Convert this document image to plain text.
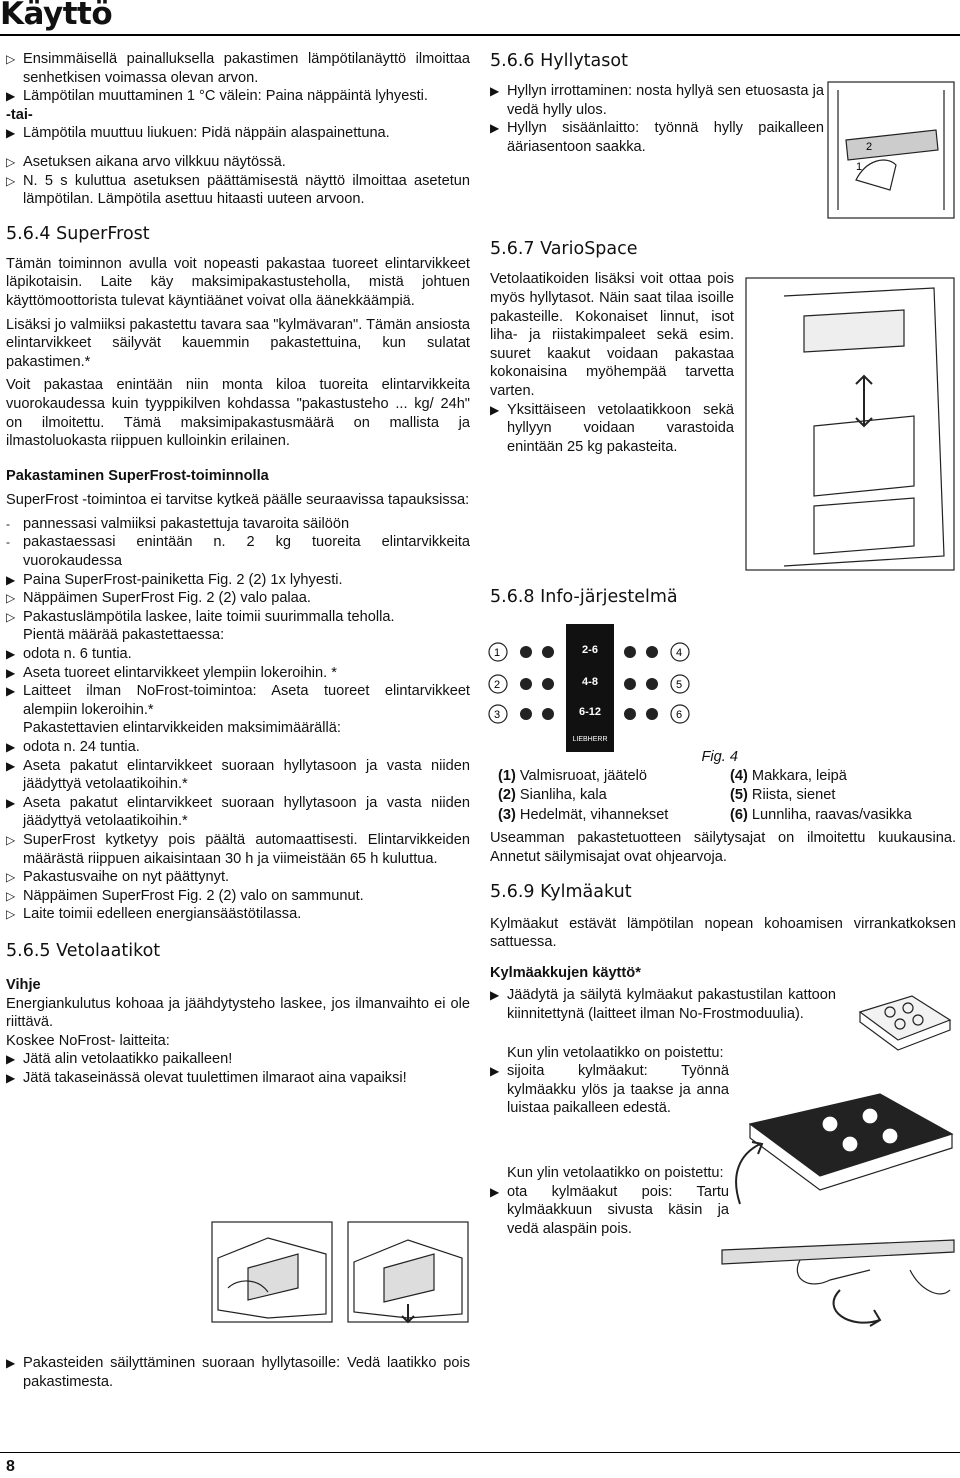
Käyttö
▷ Ensimmäisellä painalluksella pakastimen lämpötilanäyttö ilmoittaa senhetkisen voimassa olevan arvon.
▶ Lämpötilan muuttaminen 1 °C välein: Paina näppäintä lyhyesti.
-tai-
▶ Lämpötila muuttuu liukuen: Pidä näppäin alaspainettuna.
▷ Asetuksen aikana arvo vilkkuu näytössä.
▷ N. 5 s kuluttua asetuksen päättämisestä näyttö ilmoittaa asetetun lämpötilan. Lämpötila asettuu hitaasti uuteen arvoon.
5.6.4 SuperFrost

Tämän toiminnon avulla voit nopeasti pakastaa tuoreet elintarvikkeet läpikotaisin. Laite käy maksimipakastusteholla, mistä johtuen käyttömoottorista tulevat käyntiäänet voivat olla äänekkäämpiä.

Lisäksi jo valmiiksi pakastettu tavara saa "kylmävaran". Tämän ansiosta elintarvikkeet säilyvät kauemmin pakastettuina, kun sulatat pakastimen.*

Voit pakastaa enintään niin monta kiloa tuoreita elintarvikkeita vuorokaudessa kuin tyyppikilven kohdassa "pakastusteho ... kg/ 24h" on ilmoitettu. Tämä maksimipakastusmäärä on mallista ja ilmastoluokasta riippuen kulloinkin erilainen.

Pakastaminen SuperFrost-toiminnolla

SuperFrost -toimintoa ei tarvitse kytkeä päälle seuraavissa tapauksissa:

- pannessasi valmiiksi pakastettuja tavaroita säilöön
- pakastaessasi enintään n. 2 kg tuoreita elintarvikkeita vuorokaudessa
▶ Paina SuperFrost-painiketta Fig. 2 (2) 1x lyhyesti.
▷ Näppäimen SuperFrost Fig. 2 (2) valo palaa.
▷ Pakastuslämpötila laskee, laite toimii suurimmalla teholla.
Pientä määrää pakastettaessa:
▶ odota n. 6 tuntia.
▶ Aseta tuoreet elintarvikkeet ylempiin lokeroihin. *
▶ Laitteet ilman NoFrost-toimintoa: Aseta tuoreet elintarvikkeet alempiin lokeroihin.*
Pakastettavien elintarvikkeiden maksimimäärällä:
▶ odota n. 24 tuntia.
▶ Aseta pakatut elintarvikkeet suoraan hyllytasoon ja vasta niiden jäädyttyä vetolaatikoihin.*
▶ Aseta pakatut elintarvikkeet suoraan hyllytasoon ja vasta niiden jäädyttyä vetolaatikoihin.*
▷ SuperFrost kytketyy pois päältä automaattisesti. Elintarvikkeiden määrästä riippuen aikaisintaan 30 h ja viimeistään 65 h kuluttua.
▷ Pakastusvaihe on nyt päättynyt.
▷ Näppäimen SuperFrost Fig. 2 (2) valo on sammunut.
▷ Laite toimii edelleen energiansäästötilassa.
5.6.5 Vetolaatikot
Vihje

Energiankulutus kohoaa ja jäähdytysteho laskee, jos ilmanvaihto ei ole riittävä.

Koskee NoFrost- laitteita:

▶ Jätä alin vetolaatikko paikalleen!
▶ Jätä takaseinässä olevat tuulettimen ilmaraot aina vapaiksi!
▶ Pakasteiden säilyttäminen suoraan hyllytasoille: Vedä laatikko pois pakastimesta.
5.6.6 Hyllytasot
▶ Hyllyn irrottaminen: nosta hyllyä sen etuosasta ja vedä hylly ulos.
▶ Hyllyn sisäänlaitto: työnnä hylly paikalleen ääriasentoon saakka.
5.6.7 VarioSpace

Vetolaatikoiden lisäksi voit ottaa pois myös hyllytasot. Näin saat tilaa isoille pakasteille. Kokonaiset linnut, isot liha- ja riistakimpaleet sekä esim. suuret kaakut voidaan pakastaa kokonaisina myöhempää tarvetta varten.

▶ Yksittäiseen vetolaatikkoon sekä hyllyyn voidaan varastoida enintään 25 kg pakasteita.
2
1
5.6.8 Info-järjestelmä
1
2
3
4
5
6
2-6
4-8
6-12
LIEBHERR
Fig. 4
(1) Valmisruoat, jäätelö	(4) Makkara, leipä
(2) Sianliha, kala	(5) Riista, sienet
(3) Hedelmät, vihannekset	(6) Lunnliha, raavas/vasikka

Useamman pakastetuotteen säilytysajat on ilmoitettu kuukausina. Annetut säilymisajat ovat ohjearvoja.

5.6.9 Kylmäakut

Kylmäakut estävät lämpötilan nopean kohoamisen virrankatkoksen sattuessa.

Kylmäakkujen käyttö*
▶ Jäädytä ja säilytä kylmäakut pakastustilan kattoon kiinnitettynä (laitteet ilman No-Frostmoduulia).
Kun ylin vetolaatikko on poistettu:
▶ sijoita kylmäakut: Työnnä kylmäakku ylös ja taakse ja anna luistaa paikalleen edestä.
Kun ylin vetolaatikko on poistettu:
▶ ota kylmäakut pois: Tartu kylmäakkuun sivusta käsin ja vedä alaspäin pois.
8
